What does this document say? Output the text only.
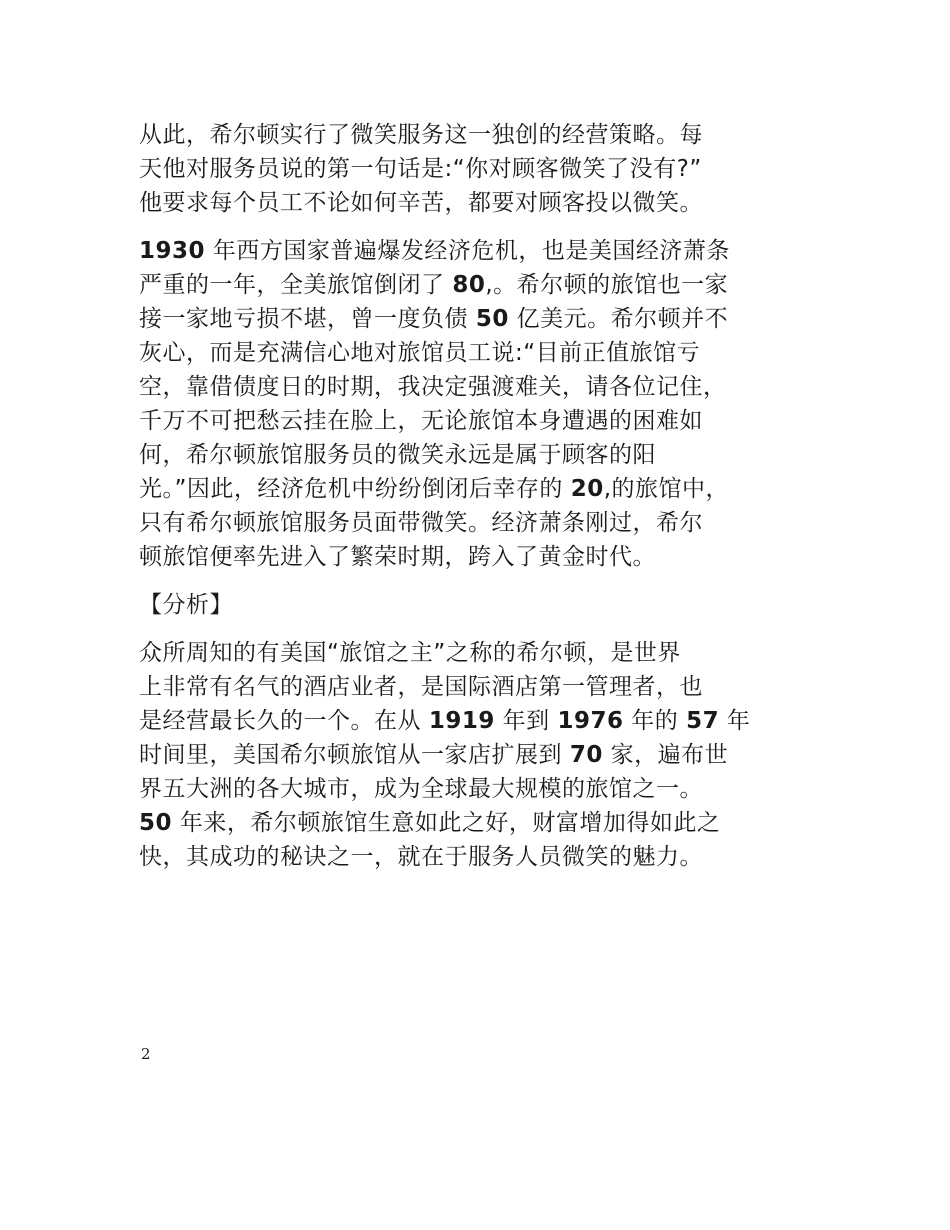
从此，希尔顿实行了微笑服务这一独创的经营策略。每
天他对服务员说的第一句话是:“你对顾客微笑了没有?”
他要求每个员工不论如何辛苦，都要对顾客投以微笑。

1930 年西方国家普遍爆发经济危机，也是美国经济萧条
严重的一年，全美旅馆倒闭了 80,。希尔顿的旅馆也一家
接一家地亏损不堪，曾一度负债 50 亿美元。希尔顿并不
灰心，而是充满信心地对旅馆员工说:“目前正值旅馆亏
空，靠借债度日的时期，我决定强渡难关，请各位记住，
千万不可把愁云挂在脸上，无论旅馆本身遭遇的困难如
何，希尔顿旅馆服务员的微笑永远是属于顾客的阳
光。”因此，经济危机中纷纷倒闭后幸存的 20,的旅馆中，
只有希尔顿旅馆服务员面带微笑。经济萧条刚过，希尔
顿旅馆便率先进入了繁荣时期，跨入了黄金时代。

【分析】

众所周知的有美国“旅馆之主”之称的希尔顿，是世界
上非常有名气的酒店业者，是国际酒店第一管理者，也
是经营最长久的一个。在从 1919 年到 1976 年的 57 年
时间里，美国希尔顿旅馆从一家店扩展到 70 家，遍布世
界五大洲的各大城市，成为全球最大规模的旅馆之一。
50 年来，希尔顿旅馆生意如此之好，财富增加得如此之
快，其成功的秘诀之一，就在于服务人员微笑的魅力。

2
